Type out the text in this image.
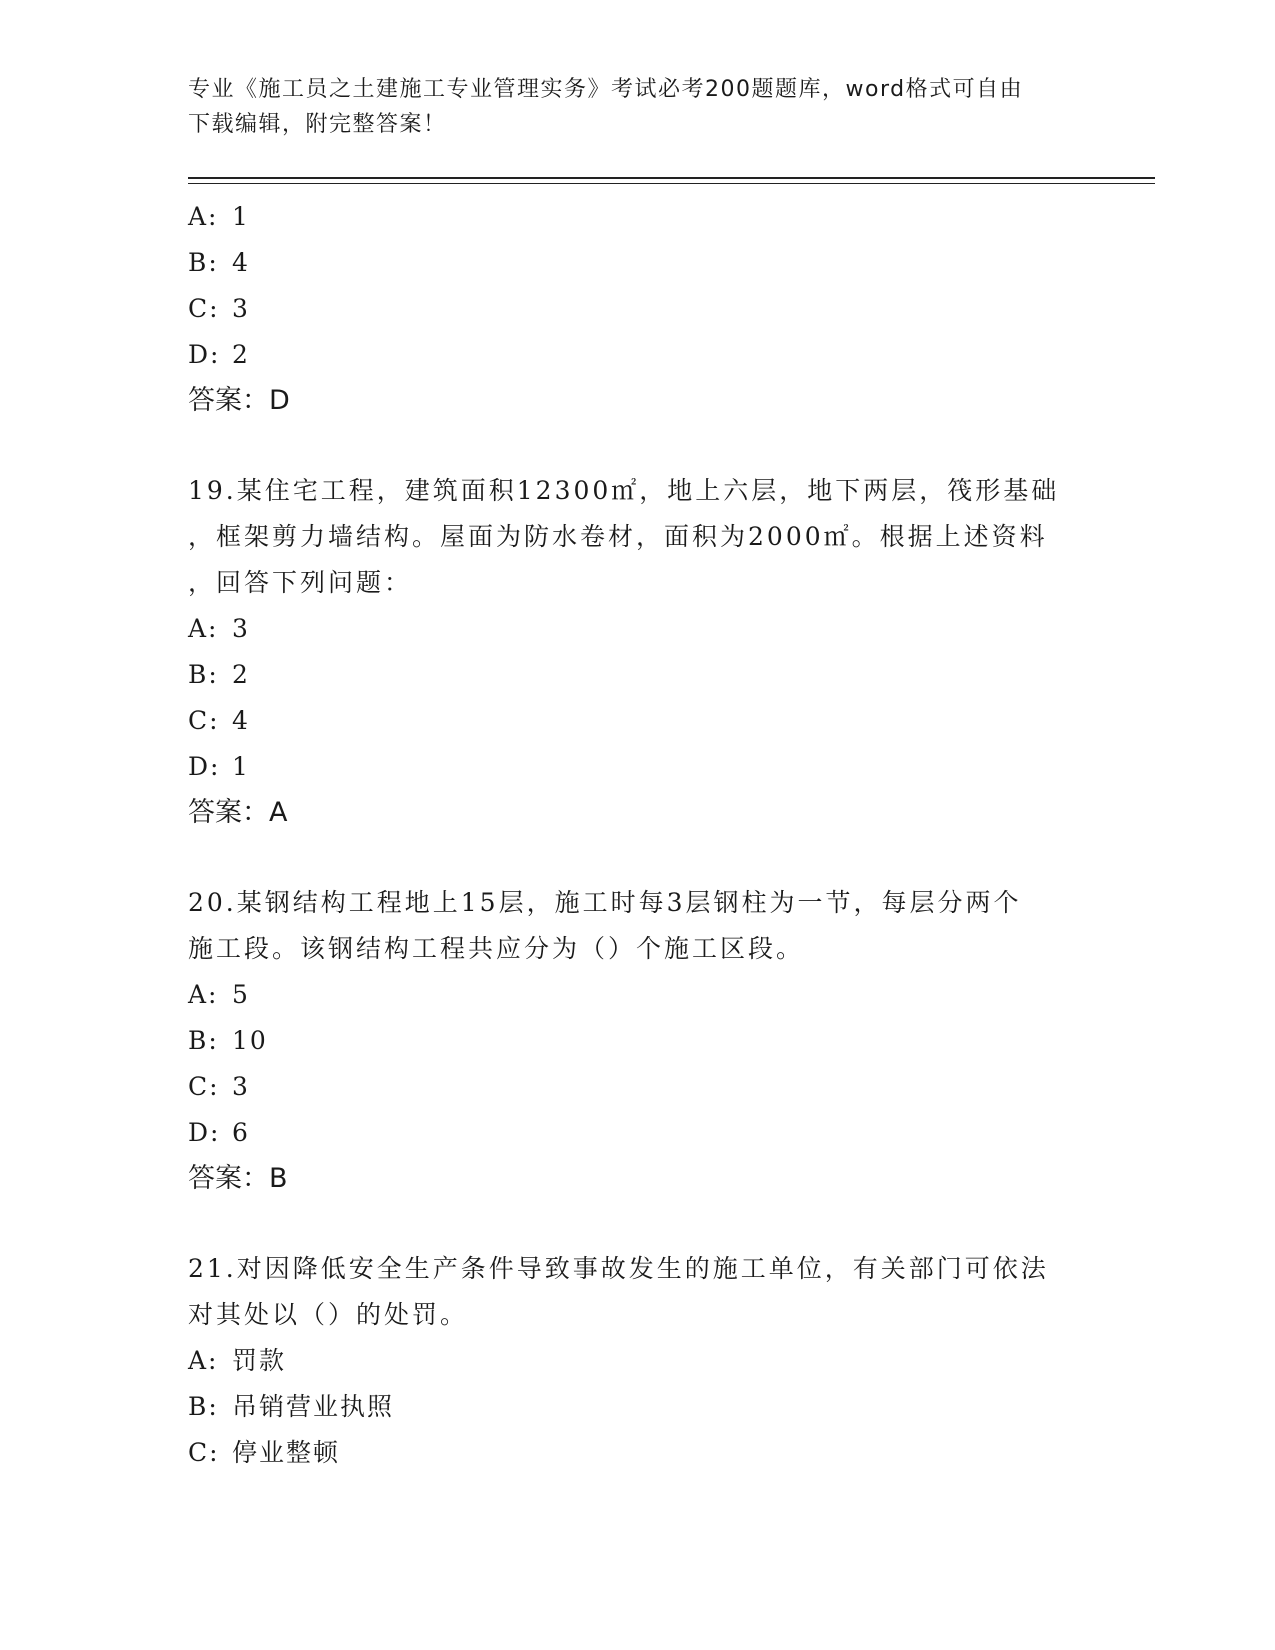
专业《施工员之土建施工专业管理实务》考试必考200题题库，word格式可自由
下载编辑，附完整答案！
A: 1
B: 4
C: 3
D: 2
答案：D
19.某住宅工程，建筑面积12300㎡，地上六层，地下两层，筏形基础
，框架剪力墙结构。屋面为防水卷材，面积为2000㎡。根据上述资料
，回答下列问题：
A: 3
B: 2
C: 4
D: 1
答案：A
20.某钢结构工程地上15层，施工时每3层钢柱为一节，每层分两个
施工段。该钢结构工程共应分为（）个施工区段。
A: 5
B: 10
C: 3
D: 6
答案：B
21.对因降低安全生产条件导致事故发生的施工单位，有关部门可依法
对其处以（）的处罚。
A: 罚款
B: 吊销营业执照
C: 停业整顿
